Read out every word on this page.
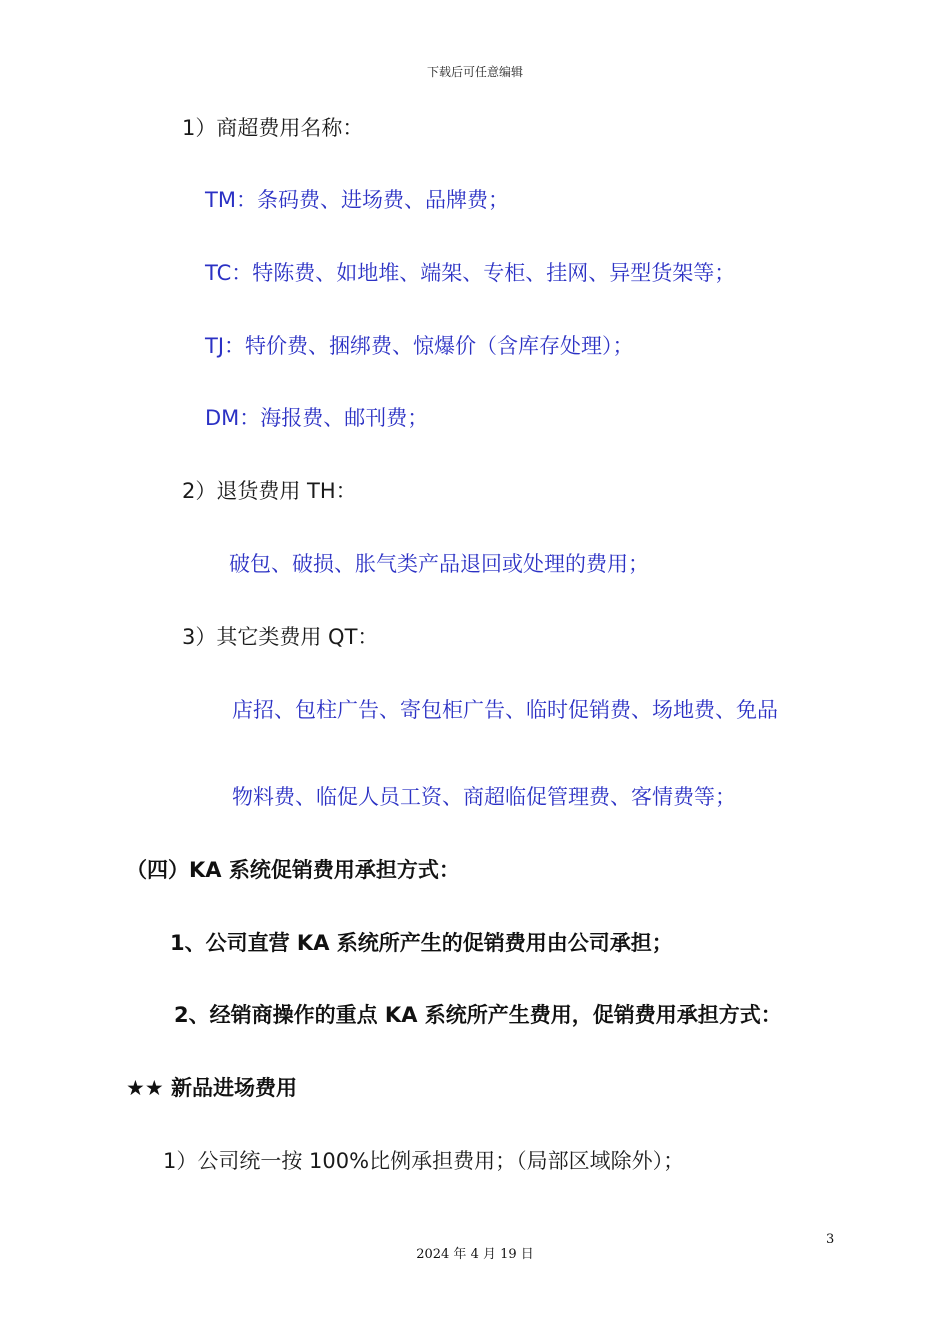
下载后可任意编辑
1）商超费用名称：
TM：条码费、进场费、品牌费；
TC：特陈费、如地堆、端架、专柜、挂网、异型货架等；
TJ：特价费、捆绑费、惊爆价（含库存处理）；
DM：海报费、邮刊费；
2）退货费用 TH：
破包、破损、胀气类产品退回或处理的费用；
3）其它类费用 QT：
店招、包柱广告、寄包柜广告、临时促销费、场地费、免品
物料费、临促人员工资、商超临促管理费、客情费等；
（四）KA 系统促销费用承担方式：
1、公司直营 KA 系统所产生的促销费用由公司承担；
2、经销商操作的重点 KA 系统所产生费用，促销费用承担方式：
★★ 新品进场费用
1）公司统一按 100%比例承担费用；（局部区域除外）；
3
2024 年 4 月 19 日
